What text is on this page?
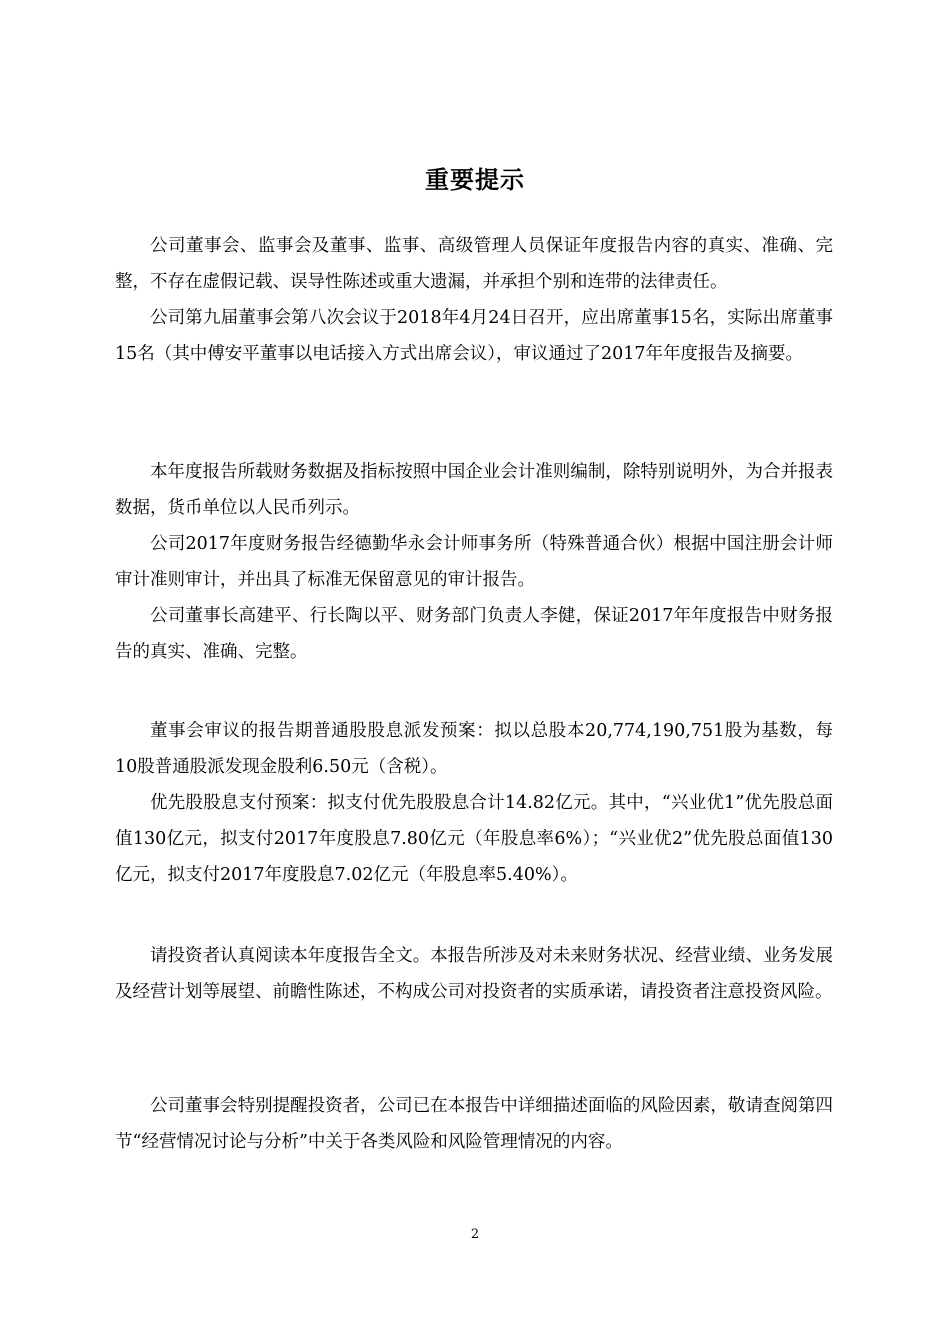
重要提示

公司董事会、监事会及董事、监事、高级管理人员保证年度报告内容的真实、准确、完整，不存在虚假记载、误导性陈述或重大遗漏，并承担个别和连带的法律责任。

公司第九届董事会第八次会议于2018年4月24日召开，应出席董事15名，实际出席董事15名（其中傅安平董事以电话接入方式出席会议），审议通过了2017年年度报告及摘要。

本年度报告所载财务数据及指标按照中国企业会计准则编制，除特别说明外，为合并报表数据，货币单位以人民币列示。

公司2017年度财务报告经德勤华永会计师事务所（特殊普通合伙）根据中国注册会计师审计准则审计，并出具了标准无保留意见的审计报告。

公司董事长高建平、行长陶以平、财务部门负责人李健，保证2017年年度报告中财务报告的真实、准确、完整。

董事会审议的报告期普通股股息派发预案：拟以总股本20,774,190,751股为基数，每10股普通股派发现金股利6.50元（含税）。

优先股股息支付预案：拟支付优先股股息合计14.82亿元。其中，“兴业优1”优先股总面值130亿元，拟支付2017年度股息7.80亿元（年股息率6%）；“兴业优2”优先股总面值130亿元，拟支付2017年度股息7.02亿元（年股息率5.40%）。

请投资者认真阅读本年度报告全文。本报告所涉及对未来财务状况、经营业绩、业务发展及经营计划等展望、前瞻性陈述，不构成公司对投资者的实质承诺，请投资者注意投资风险。

公司董事会特别提醒投资者，公司已在本报告中详细描述面临的风险因素，敬请查阅第四节“经营情况讨论与分析”中关于各类风险和风险管理情况的内容。

2
